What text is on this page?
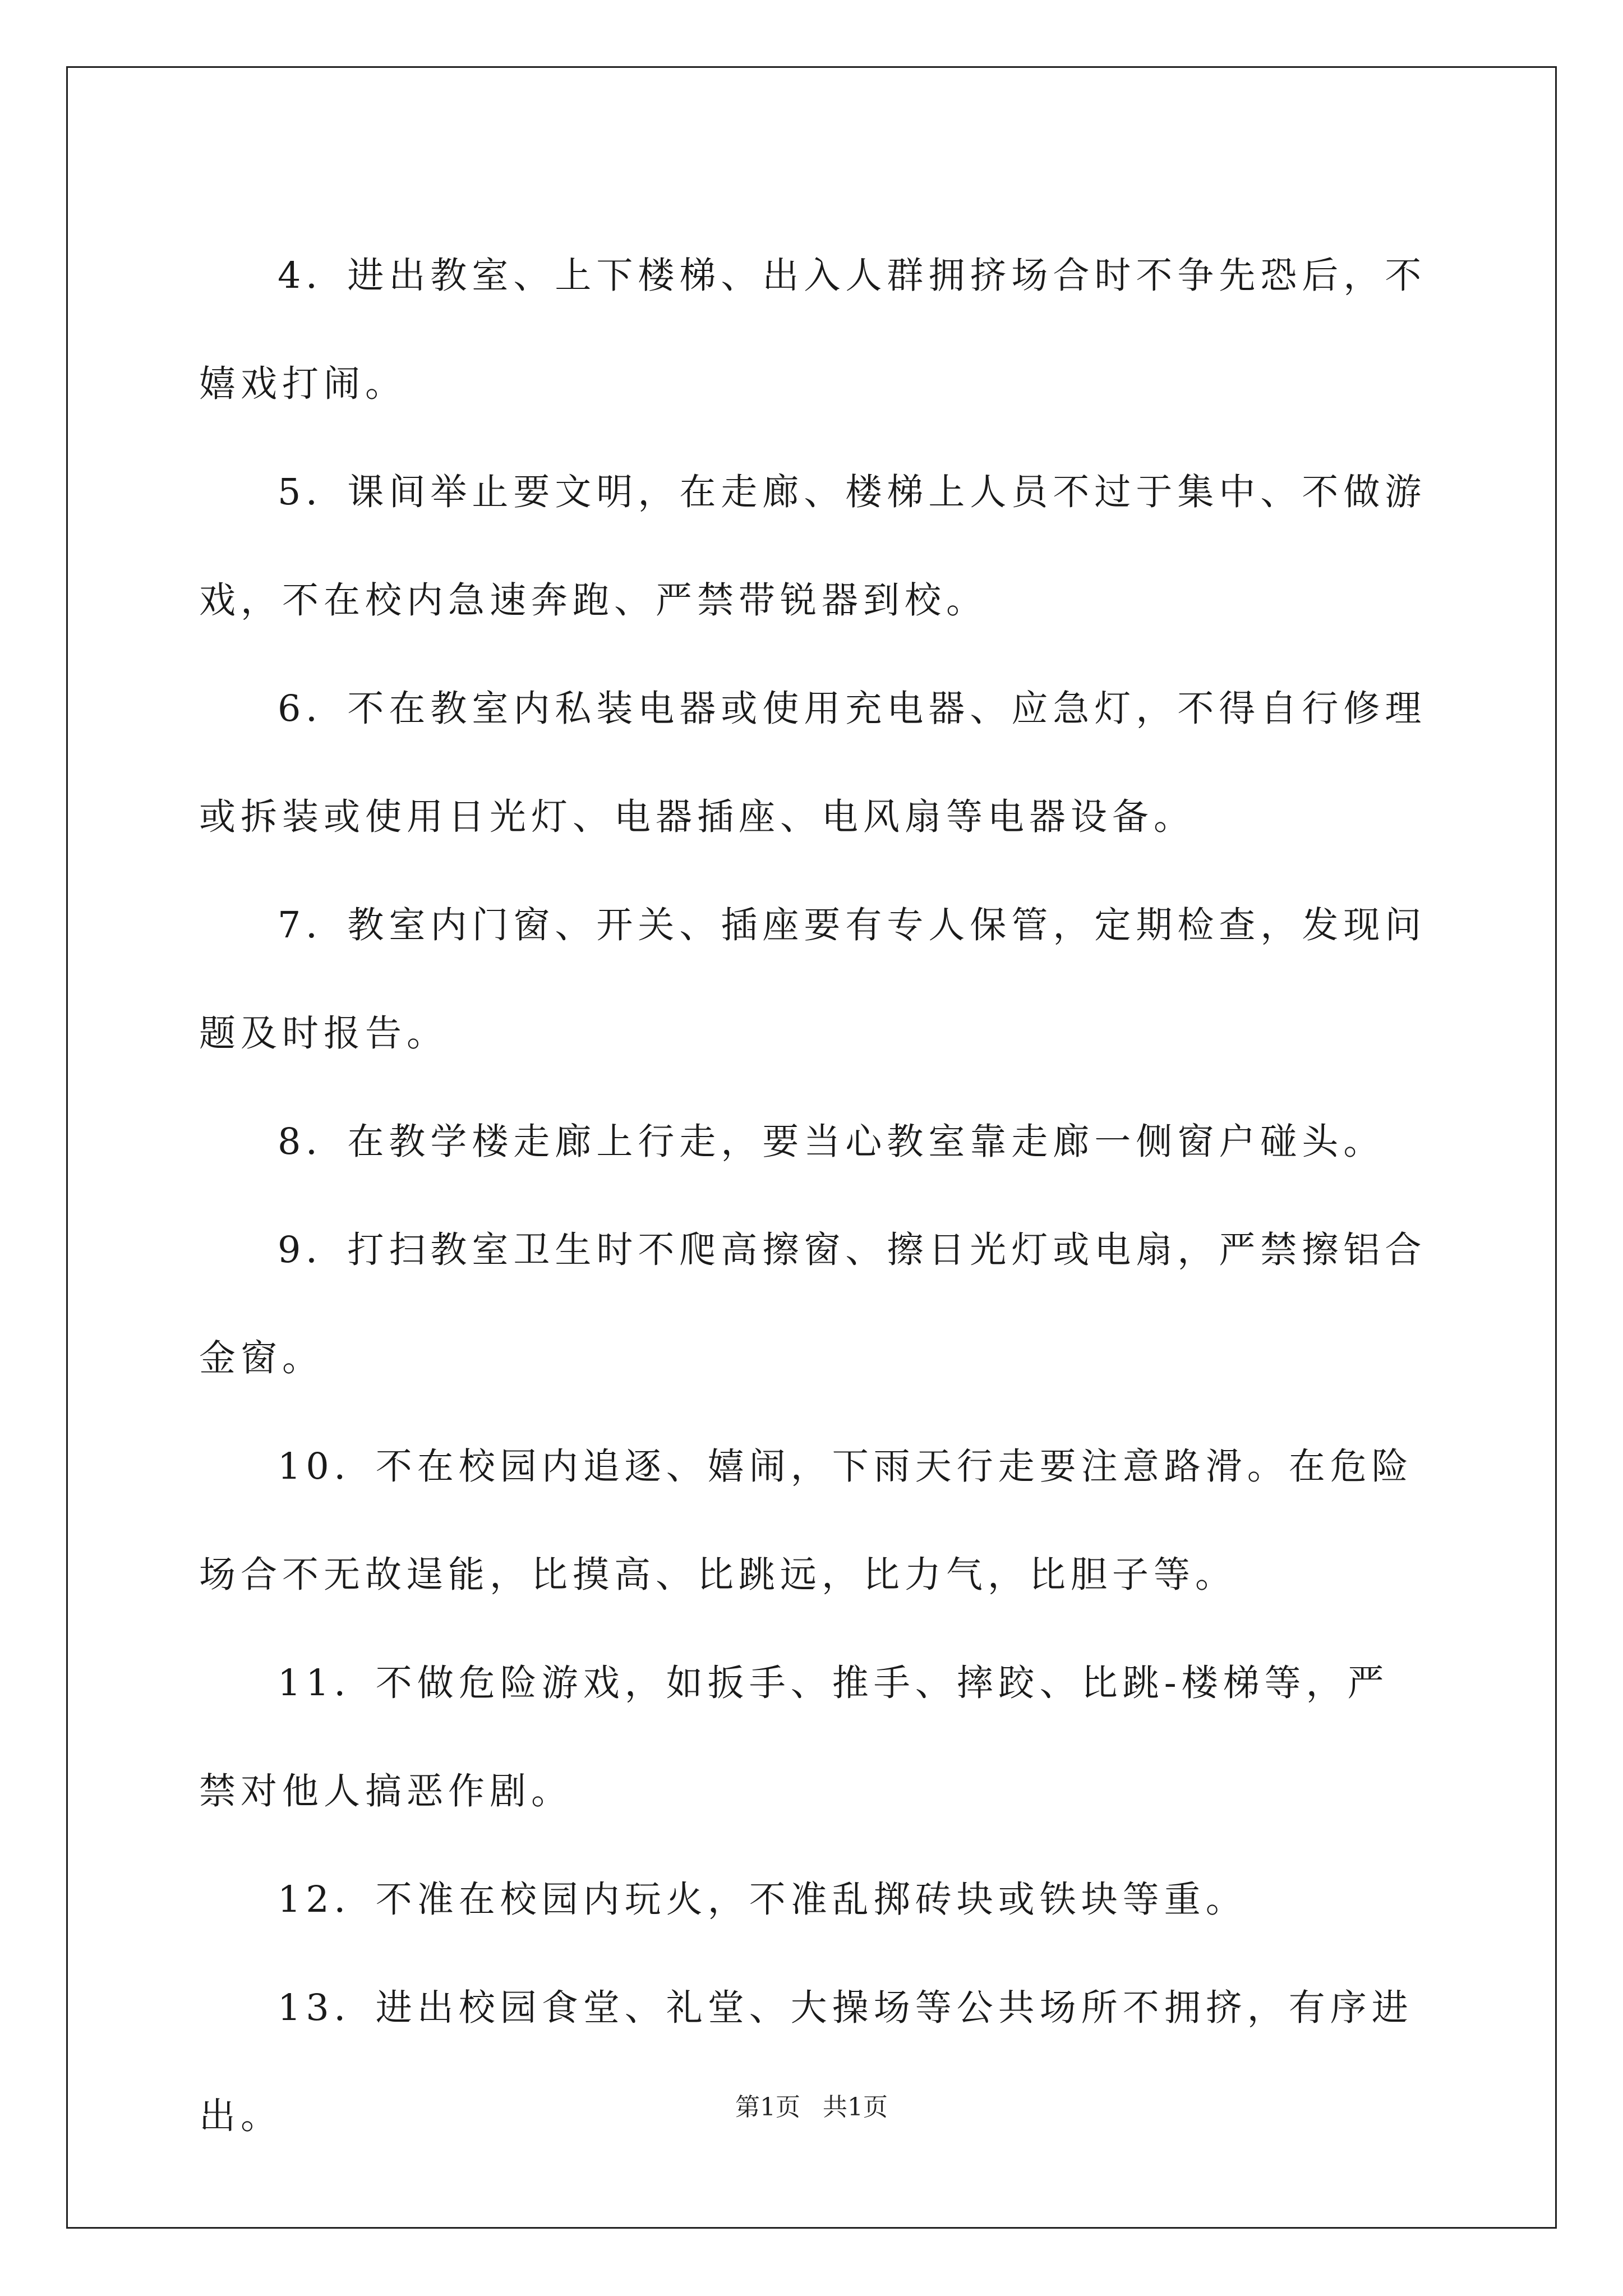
4．进出教室、上下楼梯、出入人群拥挤场合时不争先恐后，不嬉戏打闹。

5．课间举止要文明，在走廊、楼梯上人员不过于集中、不做游戏，不在校内急速奔跑、严禁带锐器到校。

6．不在教室内私装电器或使用充电器、应急灯，不得自行修理或拆装或使用日光灯、电器插座、电风扇等电器设备。

7．教室内门窗、开关、插座要有专人保管，定期检查，发现问题及时报告。

8．在教学楼走廊上行走，要当心教室靠走廊一侧窗户碰头。

9．打扫教室卫生时不爬高擦窗、擦日光灯或电扇，严禁擦铝合金窗。

10．不在校园内追逐、嬉闹，下雨天行走要注意路滑。在危险场合不无故逞能，比摸高、比跳远，比力气，比胆子等。

11．不做危险游戏，如扳手、推手、摔跤、比跳-楼梯等，严禁对他人搞恶作剧。

12．不准在校园内玩火，不准乱掷砖块或铁块等重。

13．进出校园食堂、礼堂、大操场等公共场所不拥挤，有序进出。	第1页 共1页
